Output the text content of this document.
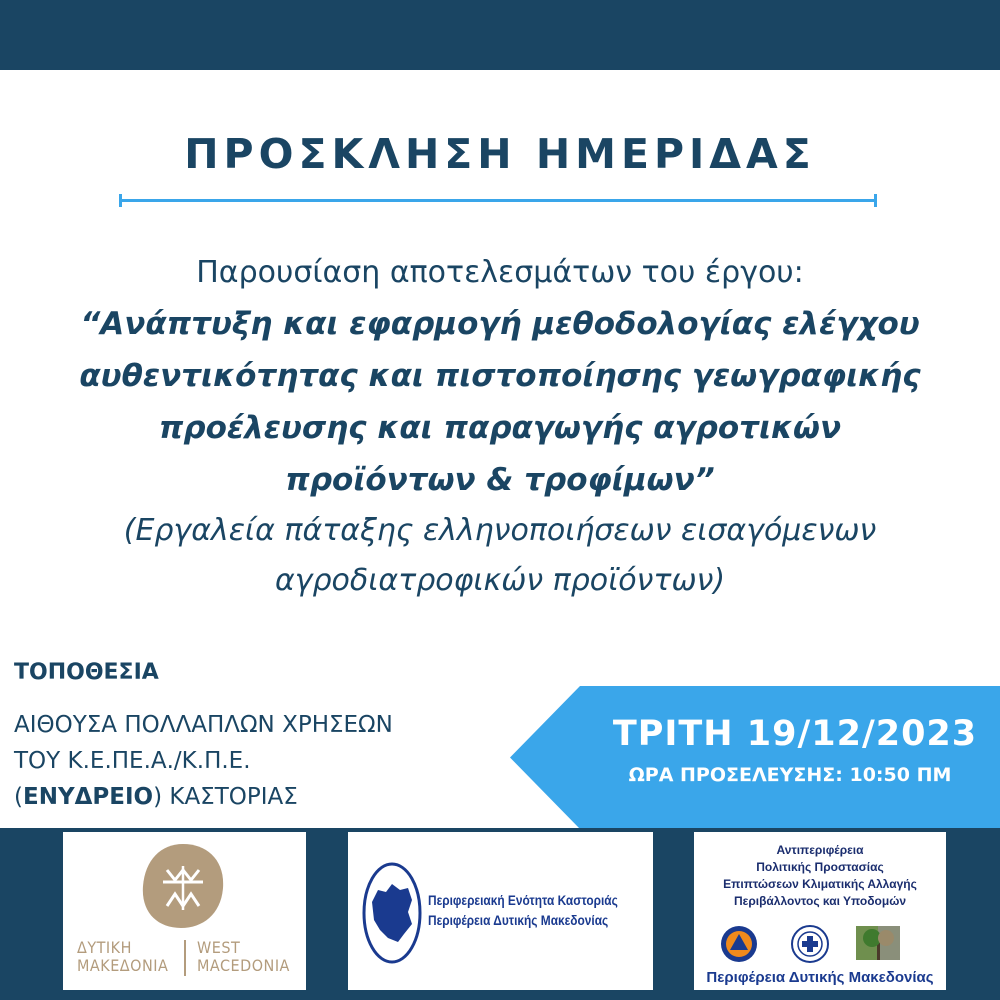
ΠΡΟΣΚΛΗΣΗ ΗΜΕΡΙΔΑΣ
Παρουσίαση αποτελεσμάτων του έργου:
“Ανάπτυξη και εφαρμογή μεθοδολογίας ελέγχου
αυθεντικότητας και πιστοποίησης γεωγραφικής
προέλευσης και παραγωγής αγροτικών
προϊόντων & τροφίμων”
(Εργαλεία πάταξης ελληνοποιήσεων εισαγόμενων
αγροδιατροφικών προϊόντων)
ΤΟΠΟΘΕΣΙΑ
ΑΙΘΟΥΣΑ ΠΟΛΛΑΠΛΩΝ ΧΡΗΣΕΩΝ
ΤΟΥ Κ.Ε.ΠΕ.Α./Κ.Π.Ε.
(ΕΝΥΔΡΕΙΟ) ΚΑΣΤΟΡΙΑΣ
ΤΡΙΤΗ 19/12/2023
ΩΡΑ ΠΡΟΣΕΛΕΥΣΗΣ: 10:50 ΠΜ
ΔΥΤΙΚΗ
ΜΑΚΕΔΟΝΙΑ
WEST
MACEDONIA
Περιφερειακή Ενότητα Καστοριάς
Περιφέρεια Δυτικής Μακεδονίας
Αντιπεριφέρεια
Πολιτικής Προστασίας
Επιπτώσεων Κλιματικής Αλλαγής
Περιβάλλοντος και Υποδομών
Περιφέρεια Δυτικής Μακεδονίας
